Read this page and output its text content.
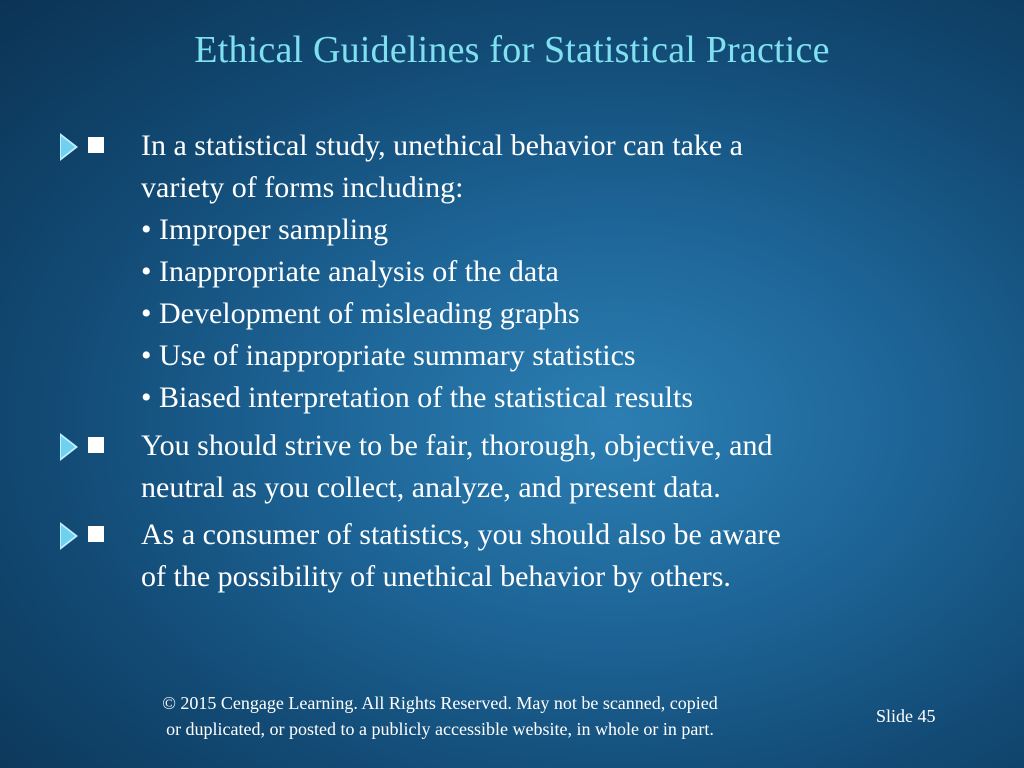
Ethical Guidelines for Statistical Practice
In a statistical study, unethical behavior can take a
variety of forms including:
• Improper sampling
• Inappropriate analysis of the data
• Development of misleading graphs
• Use of inappropriate summary statistics
• Biased interpretation of the statistical results
You should strive to be fair, thorough, objective, and
neutral as you collect, analyze, and present data.
As a consumer of statistics, you should also be aware
of the possibility of unethical behavior by others.
© 2015 Cengage Learning. All Rights Reserved. May not be scanned, copied
or duplicated, or posted to a publicly accessible website, in whole or in part.
Slide 45
